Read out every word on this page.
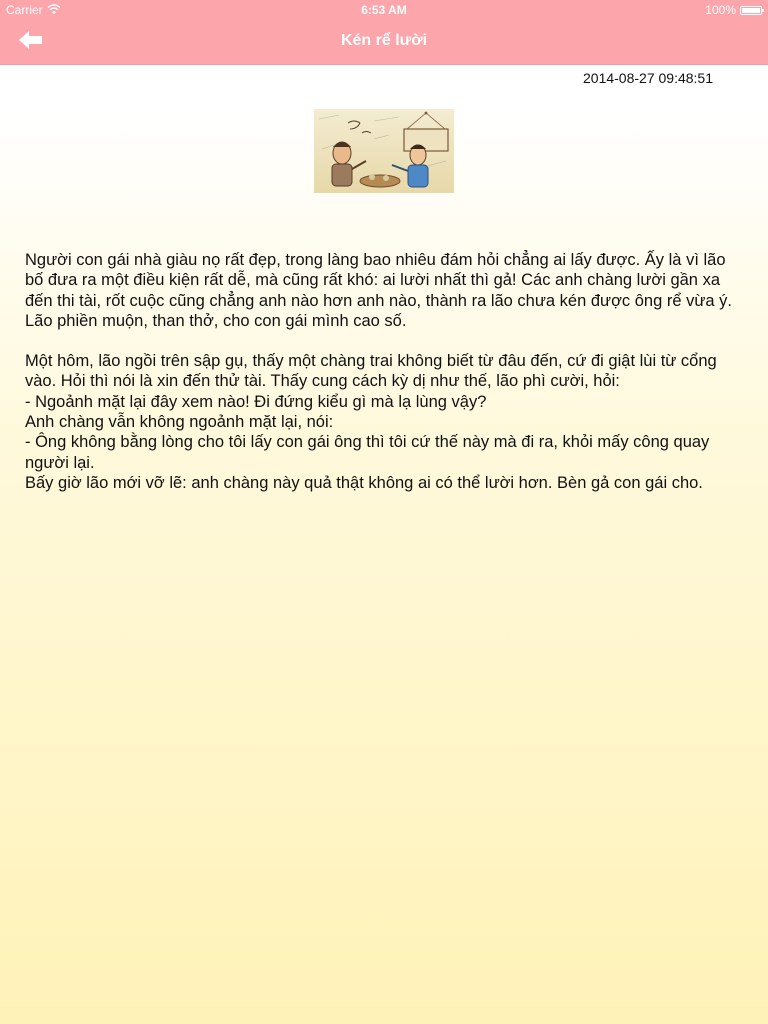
Carrier	6:53 AM	100%
Kén rể lười
2014-08-27 09:48:51

Người con gái nhà giàu nọ rất đẹp, trong làng bao nhiêu đám hỏi chẳng ai lấy được. Ấy là vì lão bố đưa ra một điều kiện rất dễ, mà cũng rất khó: ai lười nhất thì gả! Các anh chàng lười gần xa đến thi tài, rốt cuộc cũng chẳng anh nào hơn anh nào, thành ra lão chưa kén được ông rể vừa ý. Lão phiền muộn, than thở, cho con gái mình cao số.

Một hôm, lão ngồi trên sập gụ, thấy một chàng trai không biết từ đâu đến, cứ đi giật lùi từ cổng vào. Hỏi thì nói là xin đến thử tài. Thấy cung cách kỳ dị như thế, lão phì cười, hỏi:

- Ngoảnh mặt lại đây xem nào! Đi đứng kiểu gì mà lạ lùng vậy?

Anh chàng vẫn không ngoảnh mặt lại, nói:

- Ông không bằng lòng cho tôi lấy con gái ông thì tôi cứ thế này mà đi ra, khỏi mấy công quay người lại.

Bấy giờ lão mới vỡ lẽ: anh chàng này quả thật không ai có thể lười hơn. Bèn gả con gái cho.
